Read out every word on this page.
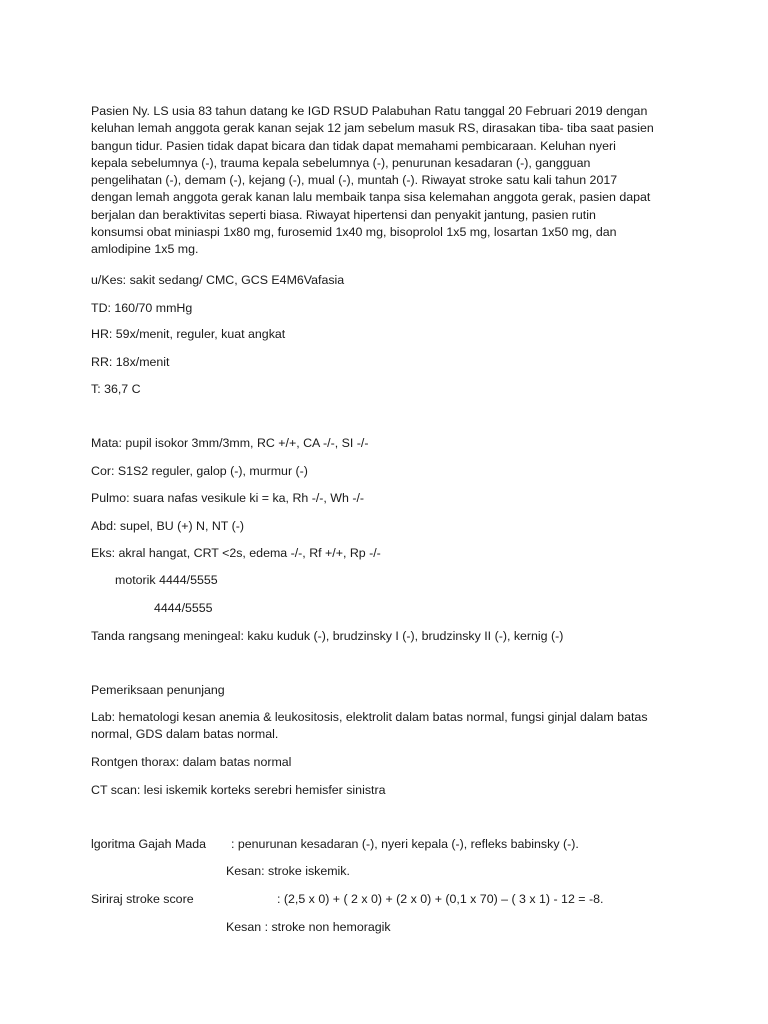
Pasien Ny. LS usia 83 tahun datang ke IGD RSUD Palabuhan Ratu tanggal 20 Februari 2019 dengan
keluhan lemah anggota gerak kanan sejak 12 jam sebelum masuk RS, dirasakan tiba- tiba saat pasien
bangun tidur. Pasien tidak dapat bicara dan tidak dapat memahami pembicaraan. Keluhan nyeri
kepala sebelumnya (-), trauma kepala sebelumnya (-), penurunan kesadaran (-), gangguan
pengelihatan (-), demam (-), kejang (-), mual (-), muntah (-). Riwayat stroke satu kali tahun 2017
dengan lemah anggota gerak kanan lalu membaik tanpa sisa kelemahan anggota gerak, pasien dapat
berjalan dan beraktivitas seperti biasa. Riwayat hipertensi dan penyakit jantung, pasien rutin
konsumsi obat miniaspi 1x80 mg, furosemid 1x40 mg, bisoprolol 1x5 mg, losartan 1x50 mg, dan
amlodipine 1x5 mg.
u/Kes: sakit sedang/ CMC, GCS E4M6Vafasia
TD: 160/70 mmHg
HR: 59x/menit, reguler, kuat angkat
RR: 18x/menit
T: 36,7 C
Mata: pupil isokor 3mm/3mm, RC +/+, CA -/-, SI -/-
Cor: S1S2 reguler, galop (-), murmur (-)
Pulmo: suara nafas vesikule ki = ka, Rh -/-, Wh -/-
Abd: supel, BU (+) N, NT (-)
Eks: akral hangat, CRT <2s, edema -/-, Rf +/+, Rp -/-
motorik 4444/5555
4444/5555
Tanda rangsang meningeal: kaku kuduk (-), brudzinsky I (-), brudzinsky II (-), kernig (-)
Pemeriksaan penunjang
Lab: hematologi kesan anemia & leukositosis, elektrolit dalam batas normal, fungsi ginjal dalam batas
normal, GDS dalam batas normal.
Rontgen thorax: dalam batas normal
CT scan: lesi iskemik korteks serebri hemisfer sinistra
lgoritma Gajah Mada : penurunan kesadaran (-), nyeri kepala (-), refleks babinsky (-).
Kesan: stroke iskemik.
Siriraj stroke score	: (2,5 x 0) + ( 2 x 0) + (2 x 0) + (0,1 x 70) – ( 3 x 1) - 12 = -8.
Kesan : stroke non hemoragik
